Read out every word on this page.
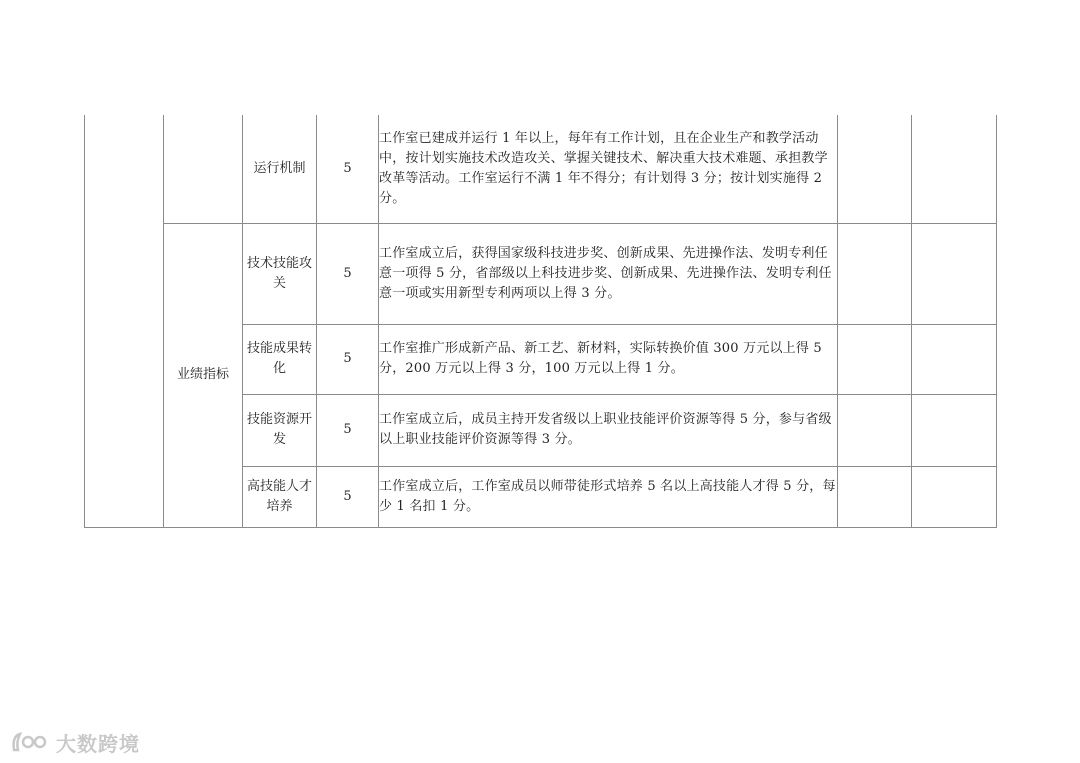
		运行机制	5	工作室已建成并运行 1 年以上，每年有工作计划，且在企业生产和教学活动中，按计划实施技术改造攻关、掌握关键技术、解决重大技术难题、承担教学改革等活动。工作室运行不满 1 年不得分；有计划得 3 分；按计划实施得 2 分。		
	业绩指标	技术技能攻关	5	工作室成立后，获得国家级科技进步奖、创新成果、先进操作法、发明专利任意一项得 5 分，省部级以上科技进步奖、创新成果、先进操作法、发明专利任意一项或实用新型专利两项以上得 3 分。		
		技能成果转化	5	工作室推广形成新产品、新工艺、新材料，实际转换价值 300 万元以上得 5 分，200 万元以上得 3 分，100 万元以上得 1 分。		
		技能资源开发	5	工作室成立后，成员主持开发省级以上职业技能评价资源等得 5 分，参与省级以上职业技能评价资源等得 3 分。		
		高技能人才培养	5	工作室成立后，工作室成员以师带徒形式培养 5 名以上高技能人才得 5 分，每少 1 名扣 1 分。		
大数跨境
